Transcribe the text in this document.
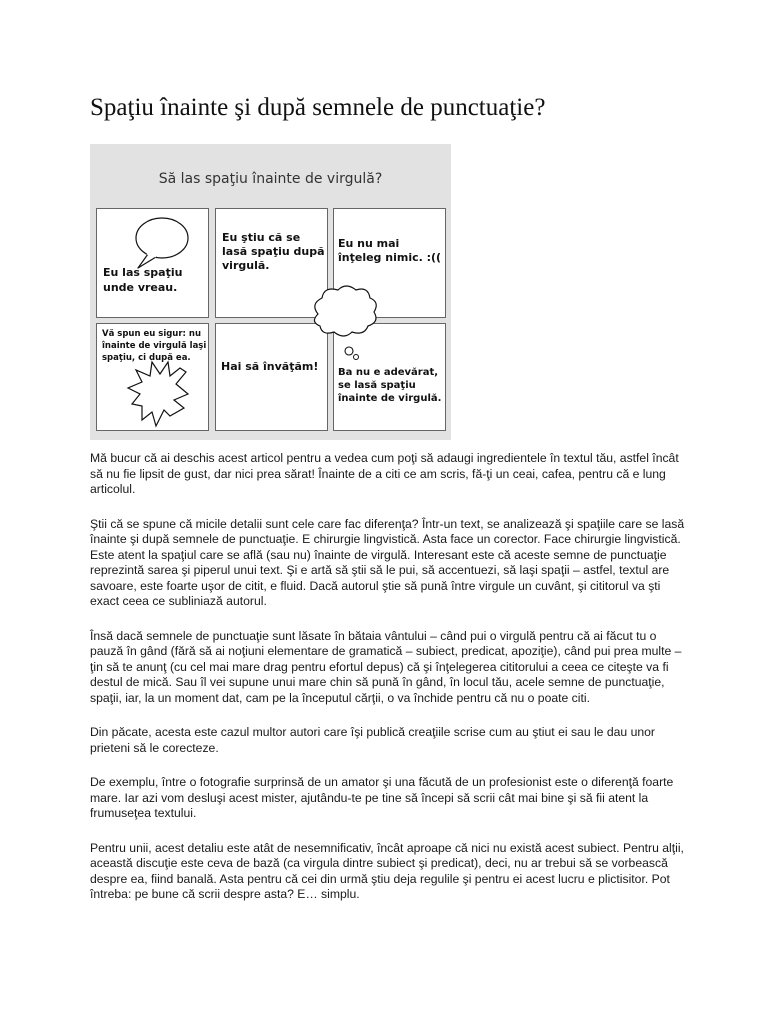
Spaţiu înainte şi după semnele de punctuaţie?
Să las spaţiu înainte de virgulă?
Eu las spaţiu unde vreau.
Eu ştiu că se lasă spaţiu după virgulă.
Eu nu mai înţeleg nimic. :((
Vă spun eu sigur: nu înainte de virgulă laşi spaţiu, ci după ea.
Hai să învăţăm!	Ba nu e adevărat, se lasă spaţiu înainte de virgulă.

Mă bucur că ai deschis acest articol pentru a vedea cum poţi să adaugi ingredientele în textul tău, astfel încât să nu fie lipsit de gust, dar nici prea sărat! Înainte de a citi ce am scris, fă-ţi un ceai, cafea, pentru că e lung articolul.

Ştii că se spune că micile detalii sunt cele care fac diferenţa? Într-un text, se analizează şi spaţiile care se lasă înainte şi după semnele de punctuaţie. E chirurgie lingvistică. Asta face un corector. Face chirurgie lingvistică. Este atent la spaţiul care se află (sau nu) înainte de virgulă. Interesant este că aceste semne de punctuaţie reprezintă sarea şi piperul unui text. Şi e artă să ştii să le pui, să accentuezi, să laşi spaţii – astfel, textul are savoare, este foarte uşor de citit, e fluid. Dacă autorul ştie să pună între virgule un cuvânt, şi cititorul va şti exact ceea ce subliniază autorul.

Însă dacă semnele de punctuaţie sunt lăsate în bătaia vântului – când pui o virgulă pentru că ai făcut tu o pauză în gând (fără să ai noţiuni elementare de gramatică – subiect, predicat, apoziţie), când pui prea multe – ţin să te anunţ (cu cel mai mare drag pentru efortul depus) că şi înţelegerea cititorului a ceea ce citeşte va fi destul de mică. Sau îl vei supune unui mare chin să pună în gând, în locul tău, acele semne de punctuaţie, spaţii, iar, la un moment dat, cam pe la începutul cărţii, o va închide pentru că nu o poate citi.

Din păcate, acesta este cazul multor autori care îşi publică creaţiile scrise cum au ştiut ei sau le dau unor prieteni să le corecteze.

De exemplu, între o fotografie surprinsă de un amator şi una făcută de un profesionist este o diferenţă foarte mare. Iar azi vom desluşi acest mister, ajutându-te pe tine să începi să scrii cât mai bine şi să fii atent la frumuseţea textului.

Pentru unii, acest detaliu este atât de nesemnificativ, încât aproape că nici nu există acest subiect. Pentru alţii, această discuţie este ceva de bază (ca virgula dintre subiect şi predicat), deci, nu ar trebui să se vorbească despre ea, fiind banală. Asta pentru că cei din urmă ştiu deja regulile şi pentru ei acest lucru e plictisitor. Pot întreba: pe bune că scrii despre asta? E… simplu.
